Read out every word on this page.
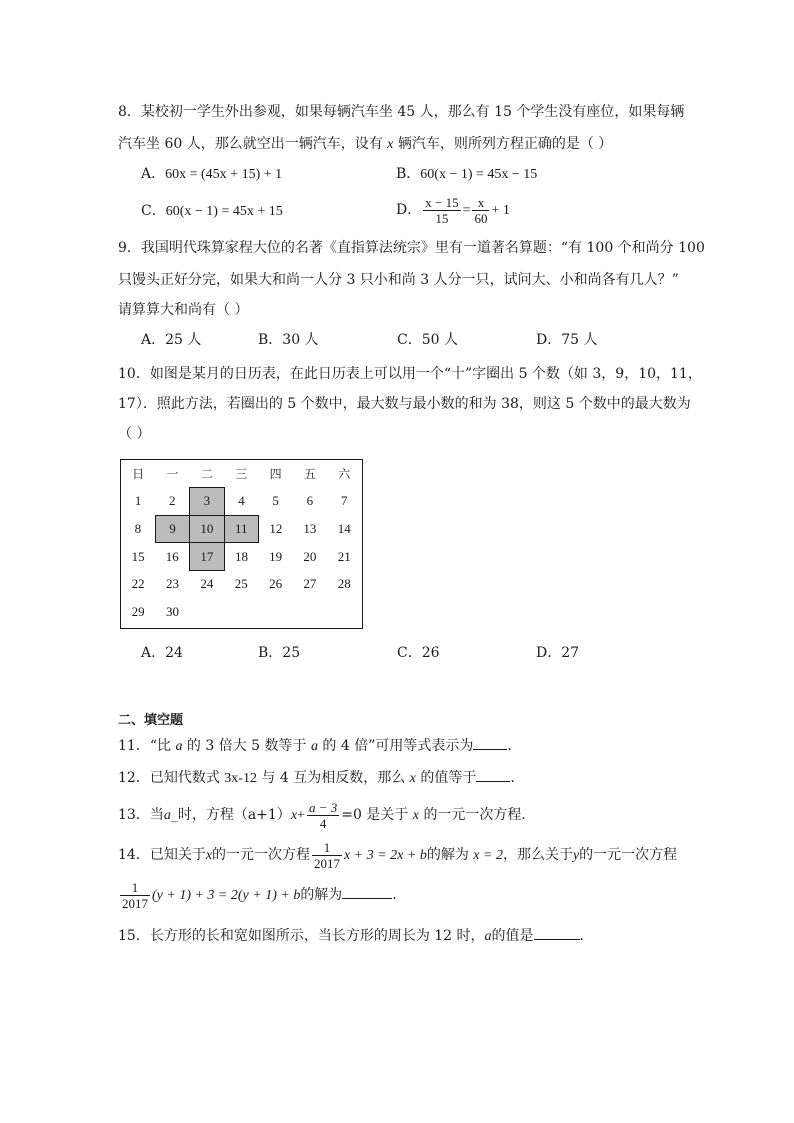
8．某校初一学生外出参观，如果每辆汽车坐 45 人，那么有 15 个学生没有座位，如果每辆
汽车坐 60 人，那么就空出一辆汽车，设有 x 辆汽车，则所列方程正确的是（ ）
A．60x = (45x + 15) + 1	B．60(x − 1) = 45x − 15
C．60(x − 1) = 45x + 15	D． $\frac{x - 15}{15} = \frac{x}{60} + 1$
9．我国明代珠算家程大位的名著《直指算法统宗》里有一道著名算题：“有 100 个和尚分 100
只馒头正好分完，如果大和尚一人分 3 只小和尚 3 人分一只，试问大、小和尚各有几人？”
请算算大和尚有（ ）
A．25 人	B．30 人	C．50 人	D．75 人
10．如图是某月的日历表，在此日历表上可以用一个“十”字圈出 5 个数（如 3，9，10，11，
17）．照此方法，若圈出的 5 个数中，最大数与最小数的和为 38，则这 5 个数中的最大数为
（ ）
日	一	二	三	四	五	六
1	2	3	4	5	6	7
8	9	10	11	12	13	14
15	16	17	18	19	20	21
22	23	24	25	26	27	28
29	30					
A．24	B．25	C．26	D．27
二、填空题
11．“比 a 的 3 倍大 5 数等于 a 的 4 倍”可用等式表示为 ．
12．已知代数式 3x-12 与 4 互为相反数，那么 x 的值等于 ．
13．当a_时，方程$(a+1)x+ \frac{a - 3}{4} =0$ 是关于 x 的一元一次方程．
14．已知关于x的一元一次方程 $\frac{1}{2017}$ x + 3 = 2x + b的解为 x = 2，那么关于y的一元一次方程
$\frac{1}{2017} (y + 1) + 3 = 2(y + 1) + b$的解为	．
15．长方形的长和宽如图所示，当长方形的周长为 12 时，a的值是	．
